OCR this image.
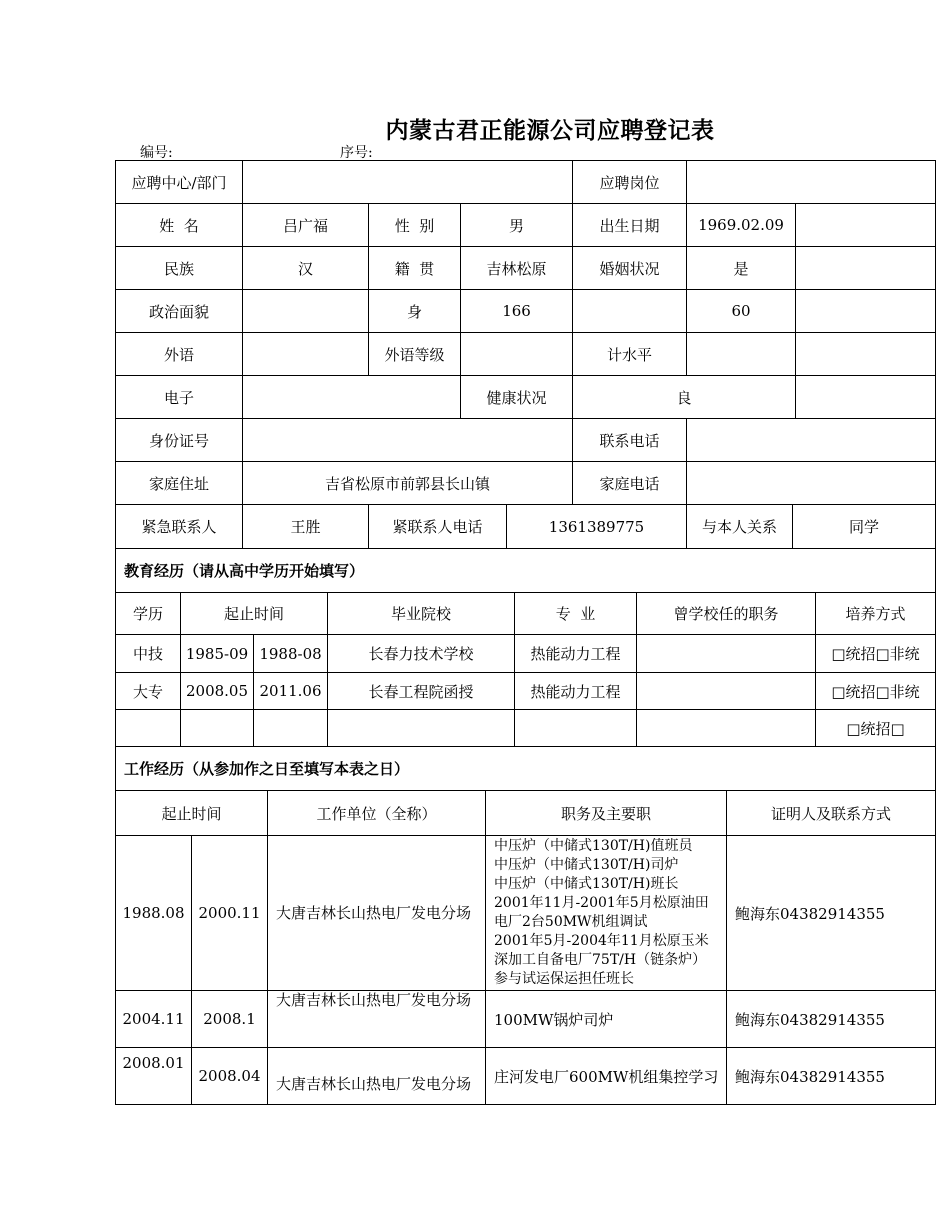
内蒙古君正能源公司应聘登记表
编号:	序号:
应聘中心/部门				应聘岗位		
姓  名	吕广福	性  别	男	出生日期	1969.02.09	
民族	汉	籍  贯	吉林松原	婚姻状况	是	
政治面貌		身	166		60	
外语		外语等级		计水平		
电子			健康状况	良		
身份证号				联系电话		
家庭住址	吉省松原市前郭县长山镇			家庭电话		
紧急联系人	王胜	紧联系人电话	1361389775	与本人关系	同学
教育经历（请从高中学历开始填写）						
学历	起止时间		毕业院校	专  业	曾学校任的职务	培养方式
中技	1985-09	1988-08	长春力技术学校	热能动力工程		□统招□非统
大专	2008.05	2011.06	长春工程院函授	热能动力工程		□统招□非统
						□统招□
工作经历（从参加作之日至填写本表之日）				
起止时间		工作单位（全称）	职务及主要职	证明人及联系方式
1988.08	2000.11	大唐吉林长山热电厂发电分场	中压炉（中储式130T/H)值班员
中压炉（中储式130T/H)司炉
中压炉（中储式130T/H)班长
2001年11月-2001年5月松原油田电厂2台50MW机组调试
2001年5月-2004年11月松原玉米深加工自备电厂75T/H（链条炉）参与试运保运担任班长	鲍海东04382914355
2004.11	2008.1	大唐吉林长山热电厂发电分场	100MW锅炉司炉	鲍海东04382914355
2008.01	2008.04	大唐吉林长山热电厂发电分场	庄河发电厂600MW机组集控学习	鲍海东04382914355
